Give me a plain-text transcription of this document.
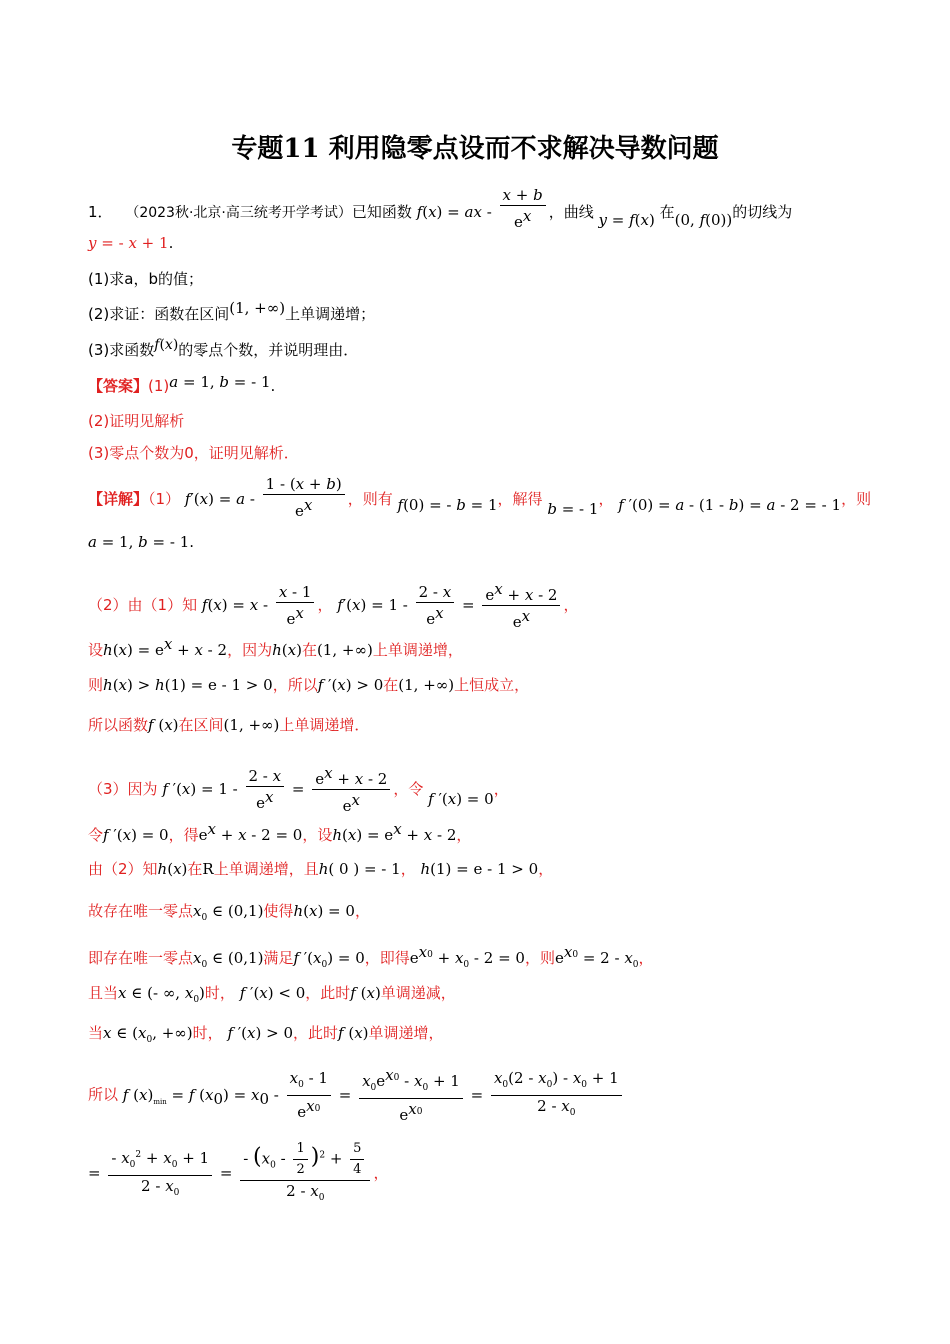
专题11 利用隐零点设而不求解决导数问题
1． （2023秋·北京·高三统考开学考试）已知函数 f(x) = ax - $\frac{x + b}{e^x}$ ，曲线 y = f(x) 在(0, f(0))的切线为
y = - x + 1.
(1)求a，b的值；
(2)求证：函数在区间(1, +∞)上单调递增；
(3)求函数f(x)的零点个数，并说明理由．
【答案】(1)a = 1, b = - 1.
(2)证明见解析
(3)零点个数为0，证明见解析．
【详解】（1） $f'(x) = a - \frac{1 - (x + b)}{e^x}$ ，则有 f(0) = - b = 1，解得 b = - 1， f ′(0) = a - (1 - b) = a - 2 = - 1，则
a = 1, b = - 1.
（2）由（1）知 $f(x) = x - \frac{x - 1}{e^x}$ ， $f'(x) = 1 - \frac{2 - x}{e^x} = \frac{e^x + x - 2}{e^x}$ ，
设$h(x) = e^x + x - 2$，因为h(x)在(1, +∞)上单调递增，
则h(x) > h(1) = e - 1 > 0，所以f ′(x) > 0在(1, +∞)上恒成立，
所以函数f (x)在区间(1, +∞)上单调递增．
（3）因为 f $'(x) = 1 - \frac{2 - x}{e^x} = \frac{e^x + x - 2}{e^x}$ ，令 f ′(x) = 0，
令f ′(x) = 0，得$e^x + x - 2 = 0$，设$h(x) = e^x + x - 2$，
由（2）知h(x)在R上单调递增，且h( 0 ) = - 1， h(1) = e - 1 > 0，
故存在唯一零点$x_0$ ∈ (0,1)使得h(x) = 0，
即存在唯一零点$x_0$ ∈ (0,1)满足f $'(x_0) = 0$，即得$e^{x0} + x_0 - 2 = 0$，则$e^{x0} = 2 - x_0$，
且当x ∈ (- ∞, $x_0$)时， f ′(x) < 0，此时f (x)单调递减，
当x ∈ ($x_0$, +∞)时， f ′(x) > 0，此时f (x)单调递增，
所以 f $(x)_{min} = f$ $(x_0) = x_0 - \frac{x_0 - 1}{e^{x0}} = \frac{x_0e^{x0} - x_0 + 1}{e^{x0}} = \frac{x_0(2 - x_0) - x_0 + 1}{2 - x_0}$
= $\frac{- x_0^2 + x_0 + 1}{2 - x_0} = \frac{- (x_0 - \frac{1}{2} )^2 + \frac{5}{4}}{2 - x_0}$ ，
